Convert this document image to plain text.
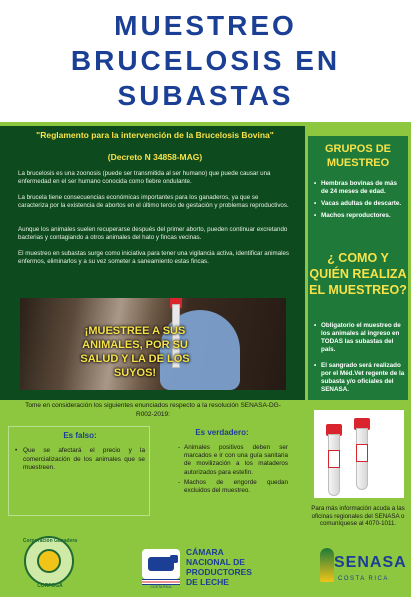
MUESTREO
BRUCELOSIS EN
SUBASTAS
"Reglamento para la intervención de la Brucelosis Bovina"
(Decreto N 34858-MAG)

La brucelosis es una zoonosis (puede ser transmitida al ser humano) que puede causar una enfermedad en el ser humano conocida como fiebre ondulante.

La brucela tiene consecuencias económicas importantes para los ganaderos, ya que se caracteriza por la existencia de abortos en el último tercio de gestación y problemas reproductivos.

Aunque los animales suelen recuperarse después del primer aborto, pueden continuar excretando bacterias y contagiando a otros animales del hato y fincas vecinas.

El muestreo en subastas surge como iniciativa para tener una vigilancia activa, identificar animales enfermos, eliminarlos y a su vez someter a saneamiento estas fincas.

¡MUESTREE A SUS ANIMALES, POR SU SALUD Y LA DE LOS SUYOS!
GRUPOS DE MUESTREO
• Hembras bovinas de más de 24 meses de edad.
• Vacas adultas de descarte.
• Machos reproductores.
¿ COMO Y QUIÉN REALIZA EL MUESTREO?
• Obligatorio el muestreo de los animales al ingreso en TODAS las subastas del país.
• El sangrado será realizado por el Méd.Vet regente de la subasta y/o oficiales del SENASA.
Tome en consideración los siguientes enunciados respecto a la resolución SENASA-DG-R002-2019:
Es falso:
• Que se afectará el precio y la comercialización de los animales que se muestreen.
Es verdadero:
- Animales positivos deben ser marcados e ir con una guía sanitaria de movilización a los mataderos autorizados para estefin.
- Machos de engorde quedan excluidos del muestreo.
Para más información acuda a las oficinas regionales del SENASA o comuníquese al 4070-1011.
Corporación Ganadera
CORFOGA	COSTA RICA
CÁMARA
NACIONAL DE
PRODUCTORES
DE LECHE
SENASA
COSTA RICA
